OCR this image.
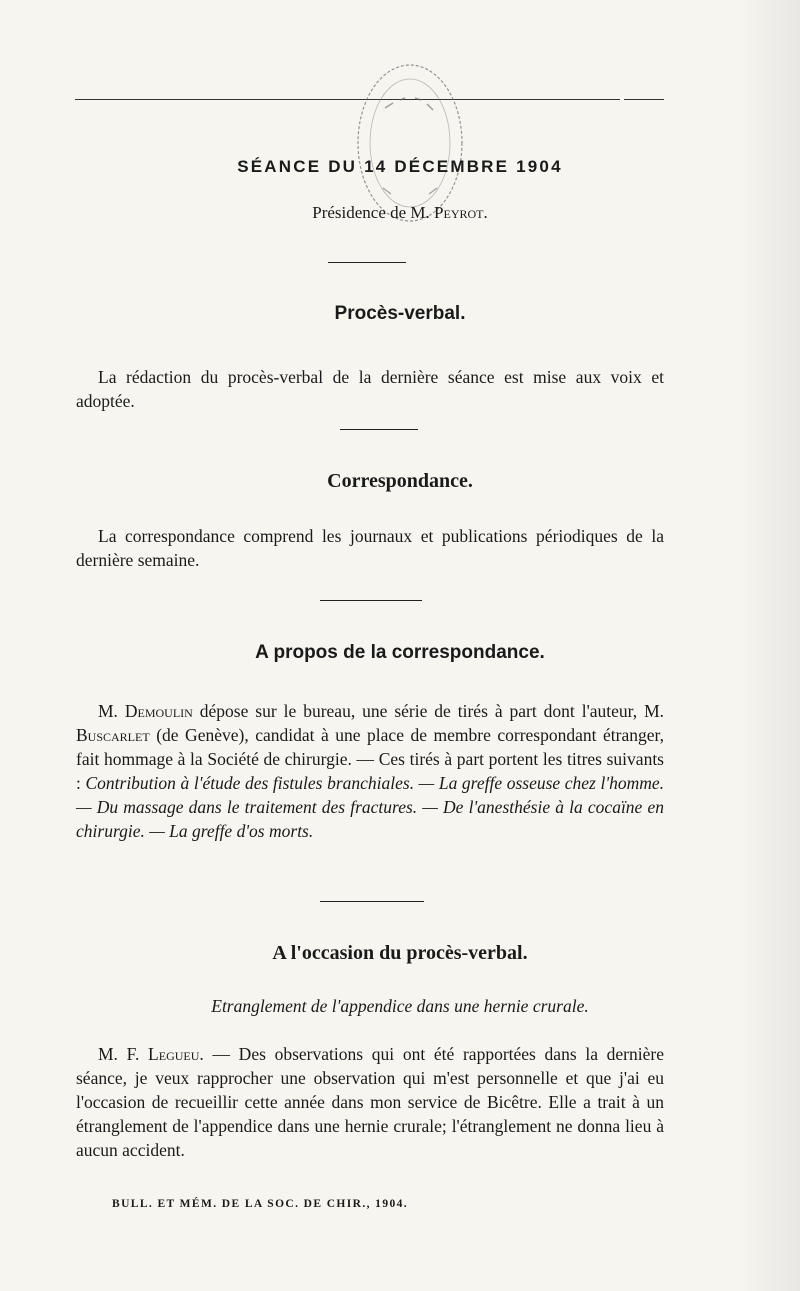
SÉANCE DU 14 DÉCEMBRE 1904
Présidence de M. Peyrot.
Procès-verbal.
La rédaction du procès-verbal de la dernière séance est mise aux voix et adoptée.
Correspondance.
La correspondance comprend les journaux et publications périodiques de la dernière semaine.
A propos de la correspondance.
M. Demoulin dépose sur le bureau, une série de tirés à part dont l'auteur, M. Buscarlet (de Genève), candidat à une place de membre correspondant étranger, fait hommage à la Société de chirurgie. — Ces tirés à part portent les titres suivants : Contribution à l'étude des fistules branchiales. — La greffe osseuse chez l'homme. — Du massage dans le traitement des fractures. — De l'anesthésie à la cocaïne en chirurgie. — La greffe d'os morts.
A l'occasion du procès-verbal.
Etranglement de l'appendice dans une hernie crurale.
M. F. Legueu. — Des observations qui ont été rapportées dans la dernière séance, je veux rapprocher une observation qui m'est personnelle et que j'ai eu l'occasion de recueillir cette année dans mon service de Bicêtre. Elle a trait à un étranglement de l'appendice dans une hernie crurale; l'étranglement ne donna lieu à aucun accident.
BULL. ET MÉM. DE LA SOC. DE CHIR., 1904.
